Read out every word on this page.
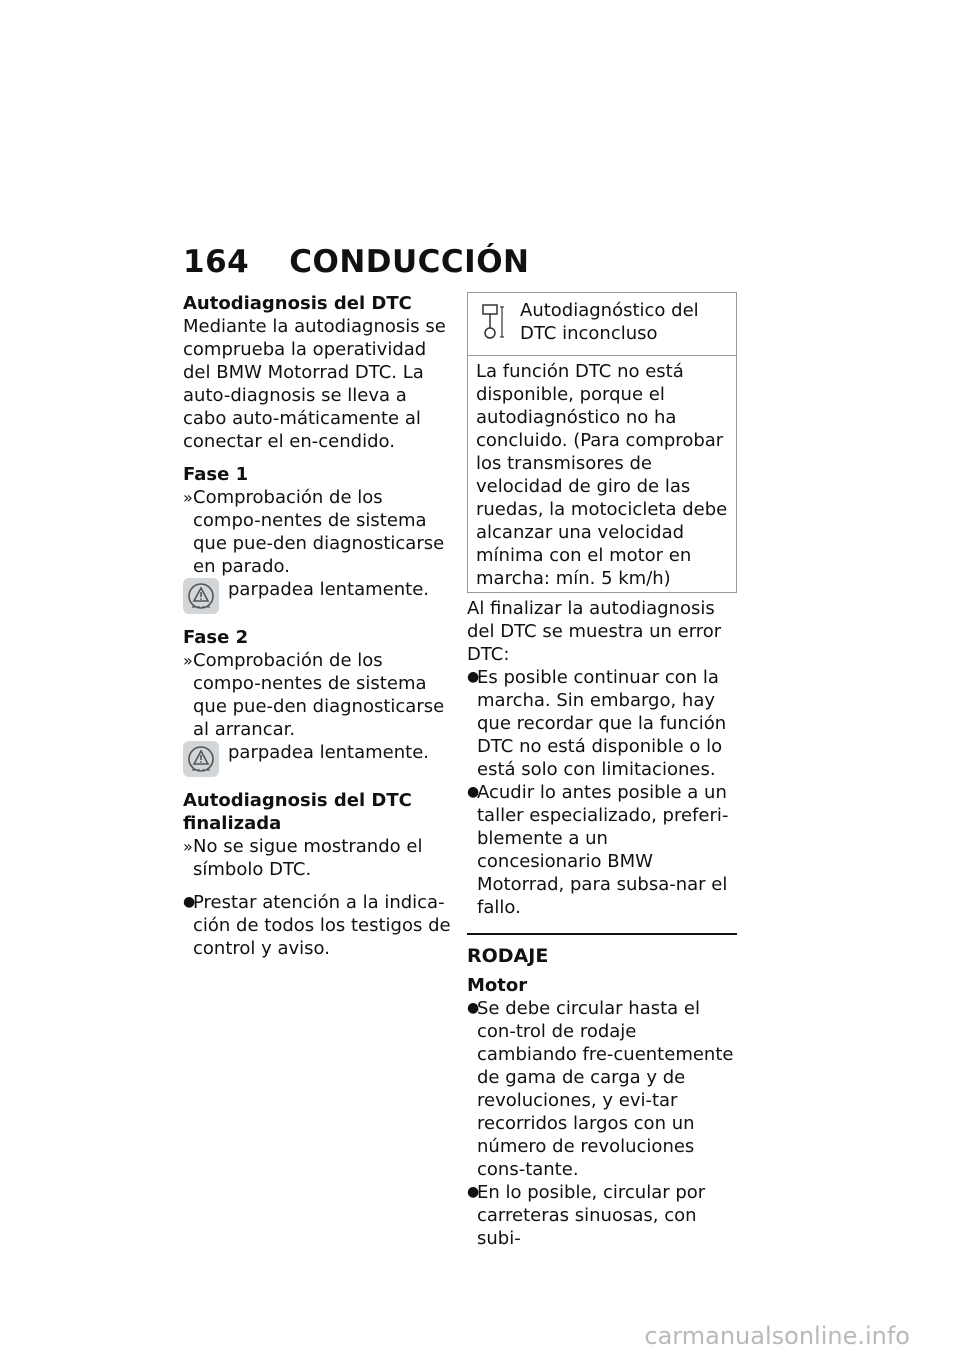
164 CONDUCCIÓN

Autodiagnosis del DTC

Mediante la autodiagnosis se comprueba la operatividad del BMW Motorrad DTC. La auto-diagnosis se lleva a cabo auto-máticamente al conectar el en-cendido.

Fase 1

» Comprobación de los compo-nentes de sistema que pue-den diagnosticarse en parado.
parpadea lentamente.

Fase 2

» Comprobación de los compo-nentes de sistema que pue-den diagnosticarse al arrancar.
parpadea lentamente.

Autodiagnosis del DTC
finalizada

» No se sigue mostrando el símbolo DTC.
●
Prestar atención a la indica-ción de todos los testigos de control y aviso.
Autodiagnóstico del
DTC inconcluso
La función DTC no está disponible, porque el autodiagnóstico no ha concluido. (Para comprobar los transmisores de velocidad de giro de las ruedas, la motocicleta debe alcanzar una velocidad mínima con el motor en marcha: mín. 5 km/h)

Al finalizar la autodiagnosis del DTC se muestra un error DTC:

●
Es posible continuar con la marcha. Sin embargo, hay que recordar que la función DTC no está disponible o lo está solo con limitaciones.
●
Acudir lo antes posible a un taller especializado, preferi-blemente a un concesionario BMW Motorrad, para subsa-nar el fallo.

RODAJE

Motor

●
Se debe circular hasta el con-trol de rodaje cambiando fre-cuentemente de gama de carga y de revoluciones, y evi-tar recorridos largos con un número de revoluciones cons-tante.
●
En lo posible, circular por carreteras sinuosas, con subi-
carmanualsonline.info
